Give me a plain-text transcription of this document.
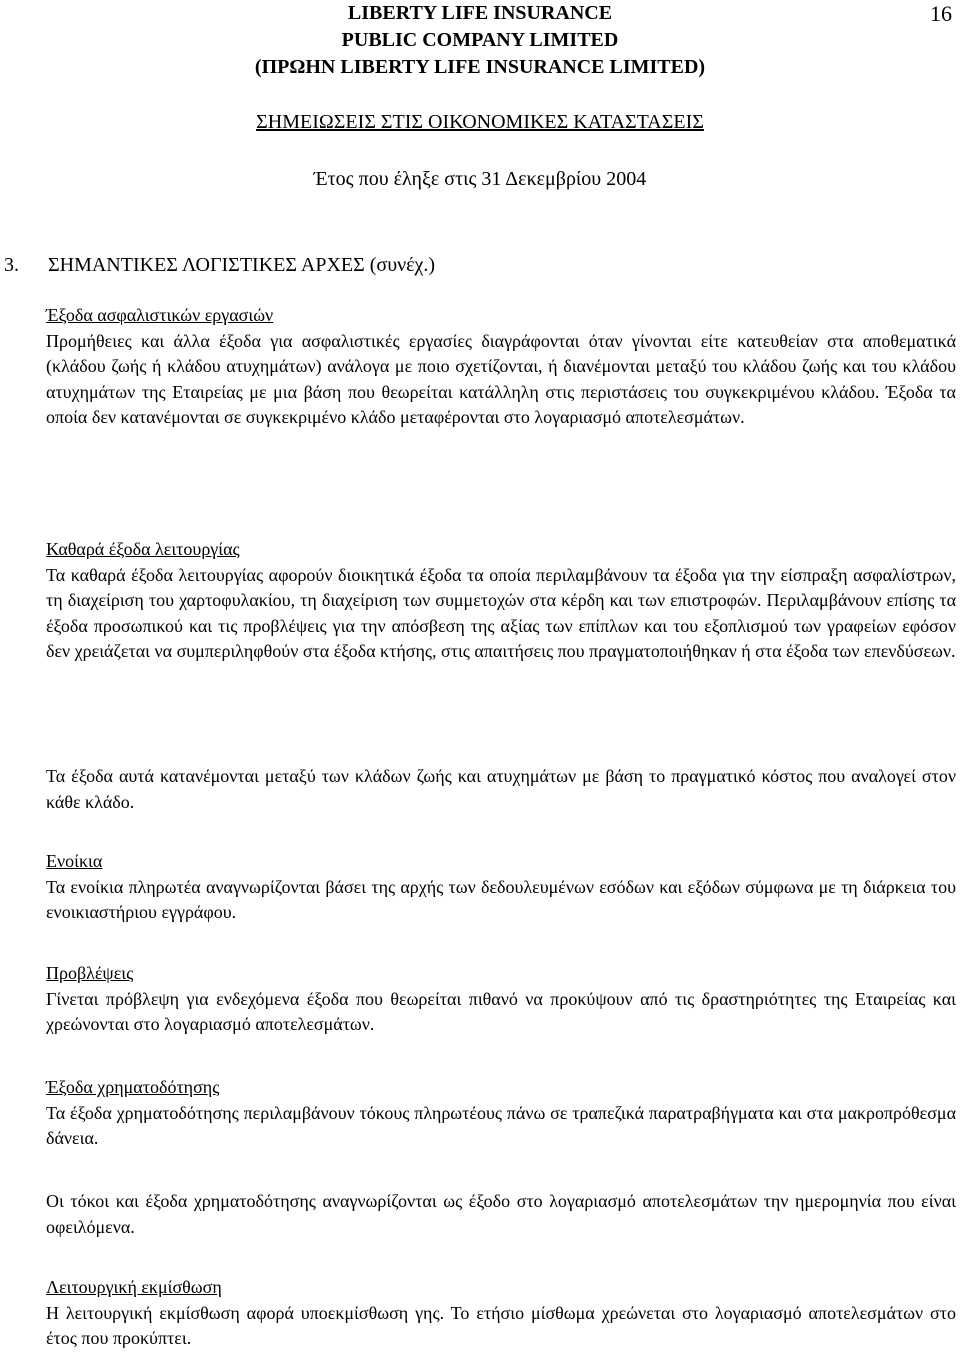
16
LIBERTY LIFE INSURANCE
PUBLIC COMPANY LIMITED
(ΠΡΩΗΝ LIBERTY LIFE INSURANCE LIMITED)
ΣΗΜΕΙΩΣΕΙΣ ΣΤΙΣ ΟΙΚΟΝΟΜΙΚΕΣ ΚΑΤΑΣΤΑΣΕΙΣ
Έτος που έληξε στις 31 Δεκεμβρίου 2004
3. ΣΗΜΑΝΤΙΚΕΣ ΛΟΓΙΣΤΙΚΕΣ ΑΡΧΕΣ (συνέχ.)
Έξοδα ασφαλιστικών εργασιών

Προμήθειες και άλλα έξοδα για ασφαλιστικές εργασίες διαγράφονται όταν γίνονται είτε κατευθείαν στα αποθεματικά (κλάδου ζωής ή κλάδου ατυχημάτων) ανάλογα με ποιο σχετίζονται, ή διανέμονται μεταξύ του κλάδου ζωής και του κλάδου ατυχημάτων της Εταιρείας με μια βάση που θεωρείται κατάλληλη στις περιστάσεις του συγκεκριμένου κλάδου. Έξοδα τα οποία δεν κατανέμονται σε συγκεκριμένο κλάδο μεταφέρονται στο λογαριασμό αποτελεσμάτων.

Καθαρά έξοδα λειτουργίας

Τα καθαρά έξοδα λειτουργίας αφορούν διοικητικά έξοδα τα οποία περιλαμβάνουν τα έξοδα για την είσπραξη ασφαλίστρων, τη διαχείριση του χαρτοφυλακίου, τη διαχείριση των συμμετοχών στα κέρδη και των επιστροφών. Περιλαμβάνουν επίσης τα έξοδα προσωπικού και τις προβλέψεις για την απόσβεση της αξίας των επίπλων και του εξοπλισμού των γραφείων εφόσον δεν χρειάζεται να συμπεριληφθούν στα έξοδα κτήσης, στις απαιτήσεις που πραγματοποιήθηκαν ή στα έξοδα των επενδύσεων.

Τα έξοδα αυτά κατανέμονται μεταξύ των κλάδων ζωής και ατυχημάτων με βάση το πραγματικό κόστος που αναλογεί στον κάθε κλάδο.

Ενοίκια

Τα ενοίκια πληρωτέα αναγνωρίζονται βάσει της αρχής των δεδουλευμένων εσόδων και εξόδων σύμφωνα με τη διάρκεια του ενοικιαστήριου εγγράφου.

Προβλέψεις

Γίνεται πρόβλεψη για ενδεχόμενα έξοδα που θεωρείται πιθανό να προκύψουν από τις δραστηριότητες της Εταιρείας και χρεώνονται στο λογαριασμό αποτελεσμάτων.

Έξοδα χρηματοδότησης

Τα έξοδα χρηματοδότησης περιλαμβάνουν τόκους πληρωτέους πάνω σε τραπεζικά παρατραβήγματα και στα μακροπρόθεσμα δάνεια.

Οι τόκοι και έξοδα χρηματοδότησης αναγνωρίζονται ως έξοδο στο λογαριασμό αποτελεσμάτων την ημερομηνία που είναι οφειλόμενα.

Λειτουργική εκμίσθωση

Η λειτουργική εκμίσθωση αφορά υποεκμίσθωση γης. Το ετήσιο μίσθωμα χρεώνεται στο λογαριασμό αποτελεσμάτων στο έτος που προκύπτει.
